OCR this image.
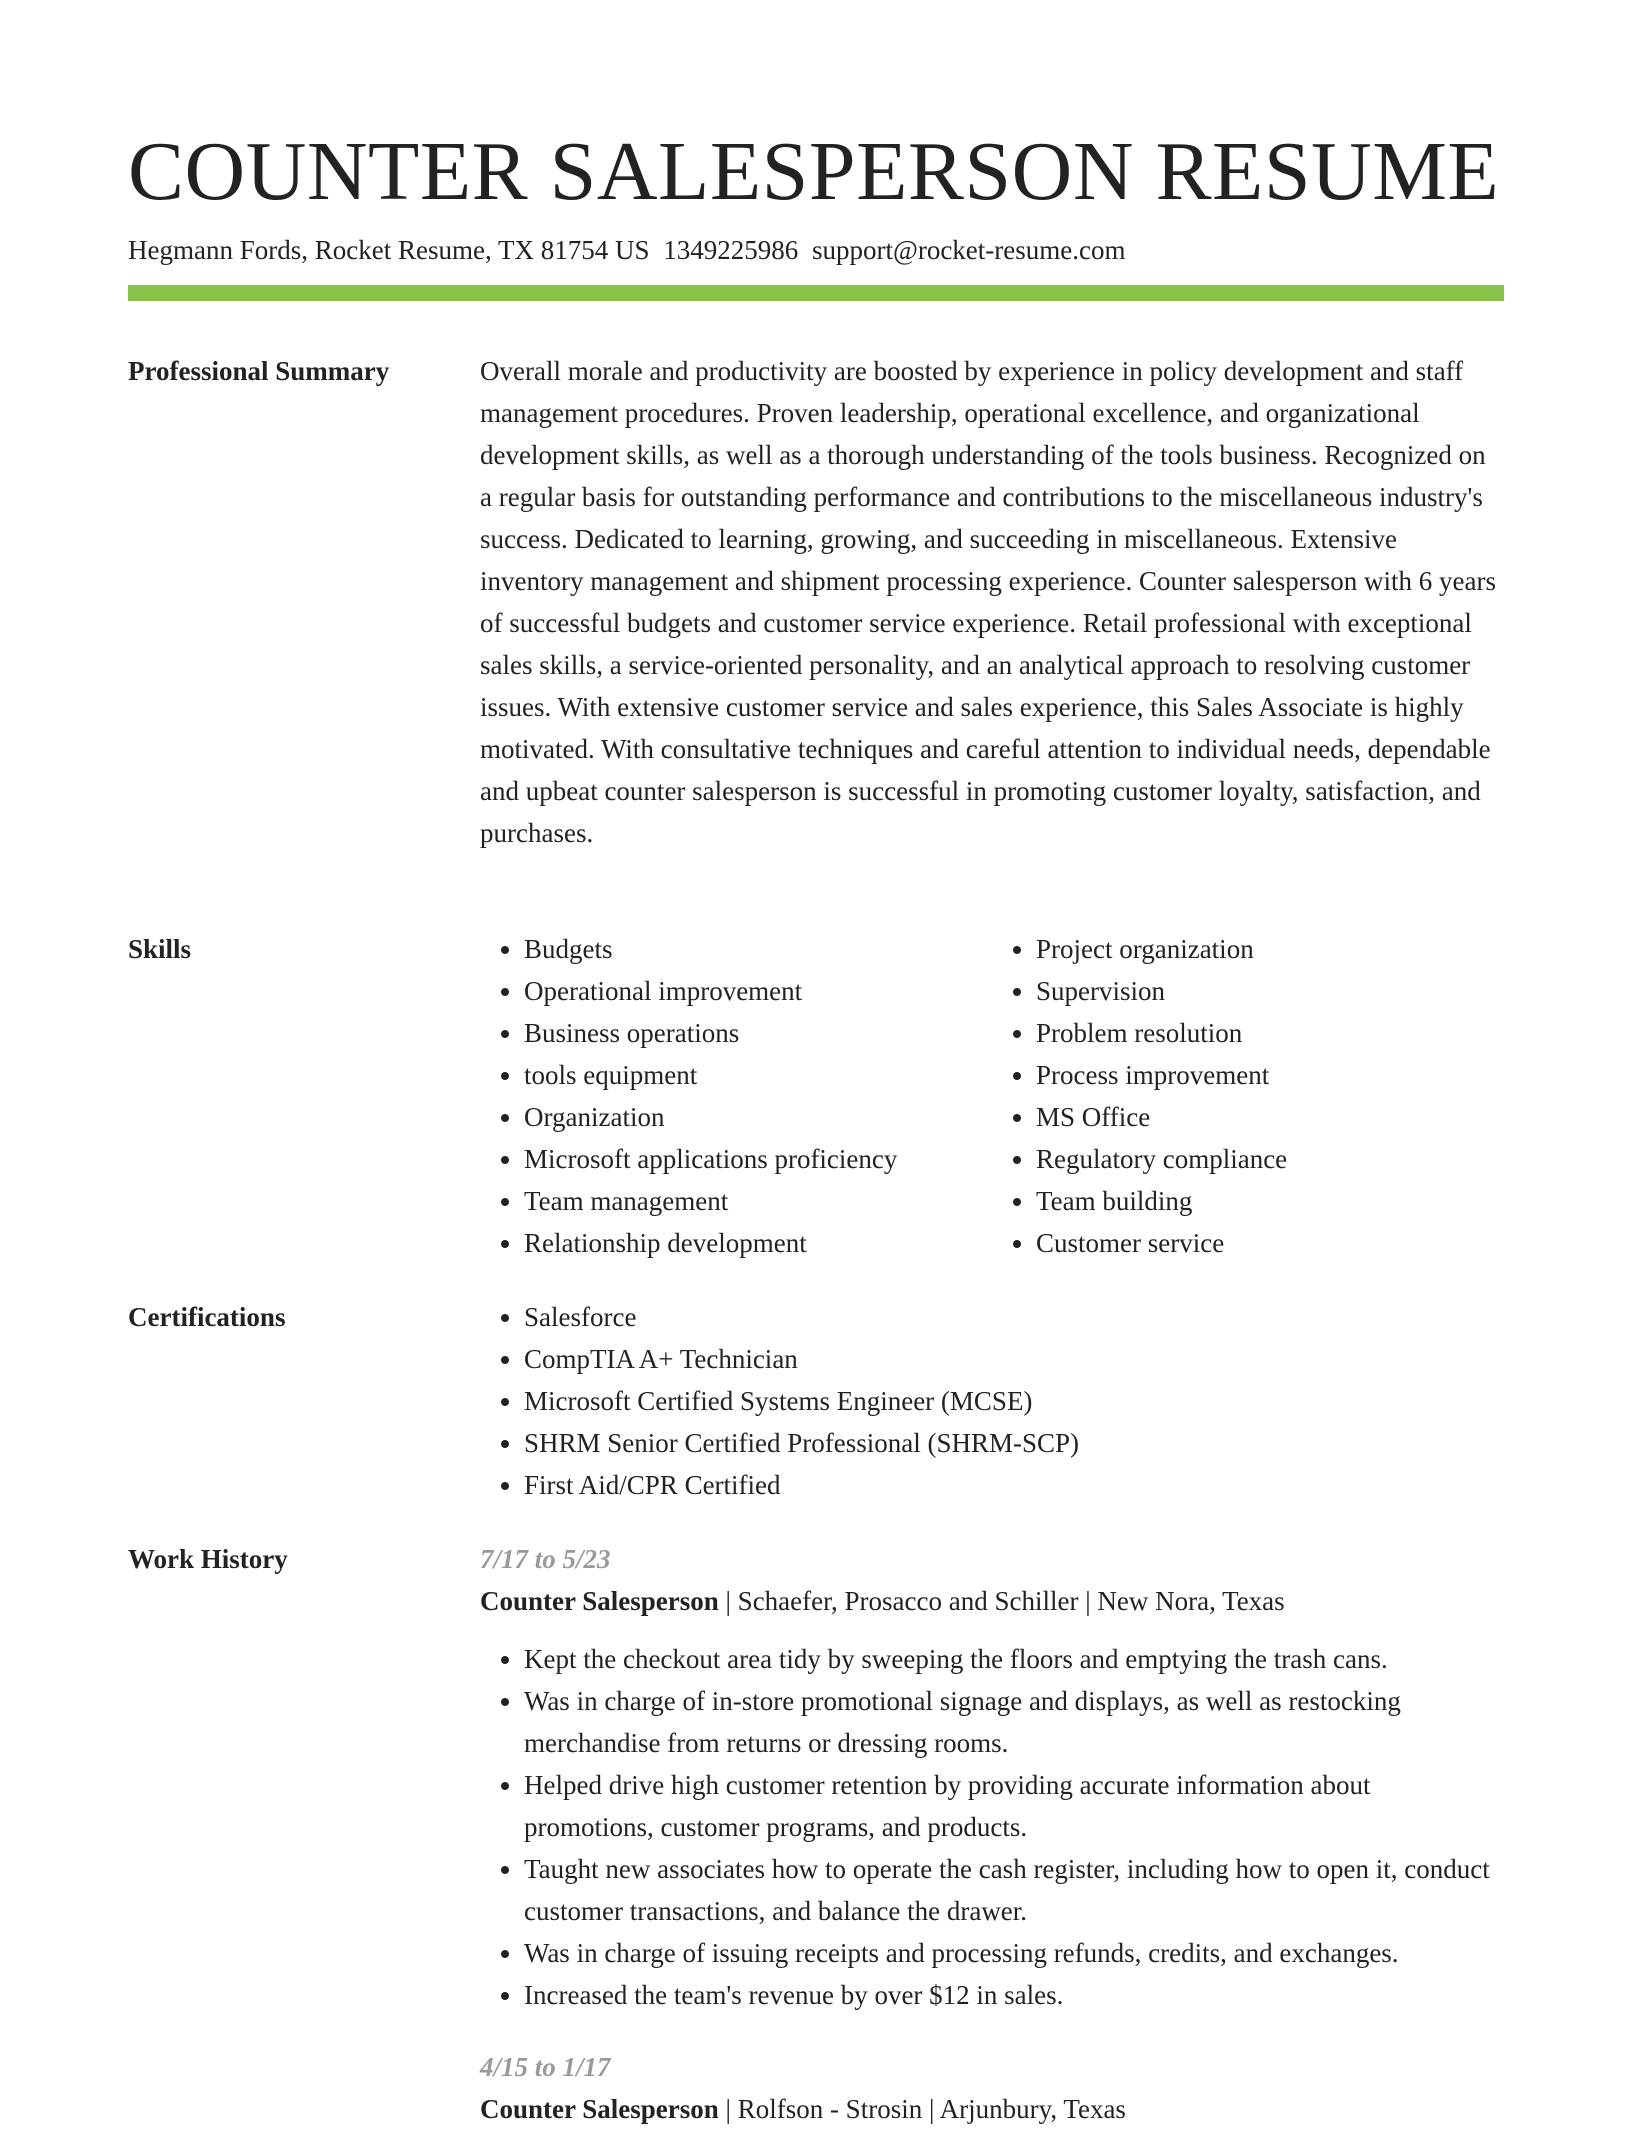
COUNTER SALESPERSON RESUME
Hegmann Fords, Rocket Resume, TX 81754 US 1349225986 support@rocket-resume.com
Professional Summary	Overall morale and productivity are boosted by experience in policy development and staff management procedures. Proven leadership, operational excellence, and organizational development skills, as well as a thorough understanding of the tools business. Recognized on a regular basis for outstanding performance and contributions to the miscellaneous industry's success. Dedicated to learning, growing, and succeeding in miscellaneous. Extensive inventory management and shipment processing experience. Counter salesperson with 6 years of successful budgets and customer service experience. Retail professional with exceptional sales skills, a service-oriented personality, and an analytical approach to resolving customer issues. With extensive customer service and sales experience, this Sales Associate is highly motivated. With consultative techniques and careful attention to individual needs, dependable and upbeat counter salesperson is successful in promoting customer loyalty, satisfaction, and purchases.

Skills	• Budgets
• Operational improvement
• Business operations
• tools equipment
• Organization
• Microsoft applications proficiency
• Team management
• Relationship development
• Project organization
• Supervision
• Problem resolution
• Process improvement
• MS Office
• Regulatory compliance
• Team building
• Customer service
Certifications	• Salesforce
• CompTIA A+ Technician
• Microsoft Certified Systems Engineer (MCSE)
• SHRM Senior Certified Professional (SHRM-SCP)
• First Aid/CPR Certified
Work History	7/17 to 5/23
Counter Salesperson | Schaefer, Prosacco and Schiller | New Nora, Texas
• Kept the checkout area tidy by sweeping the floors and emptying the trash cans.
• Was in charge of in-store promotional signage and displays, as well as restocking merchandise from returns or dressing rooms.
• Helped drive high customer retention by providing accurate information about promotions, customer programs, and products.
• Taught new associates how to operate the cash register, including how to open it, conduct customer transactions, and balance the drawer.
• Was in charge of issuing receipts and processing refunds, credits, and exchanges.
• Increased the team's revenue by over $12 in sales.
4/15 to 1/17
Counter Salesperson | Rolfson - Strosin | Arjunbury, Texas
